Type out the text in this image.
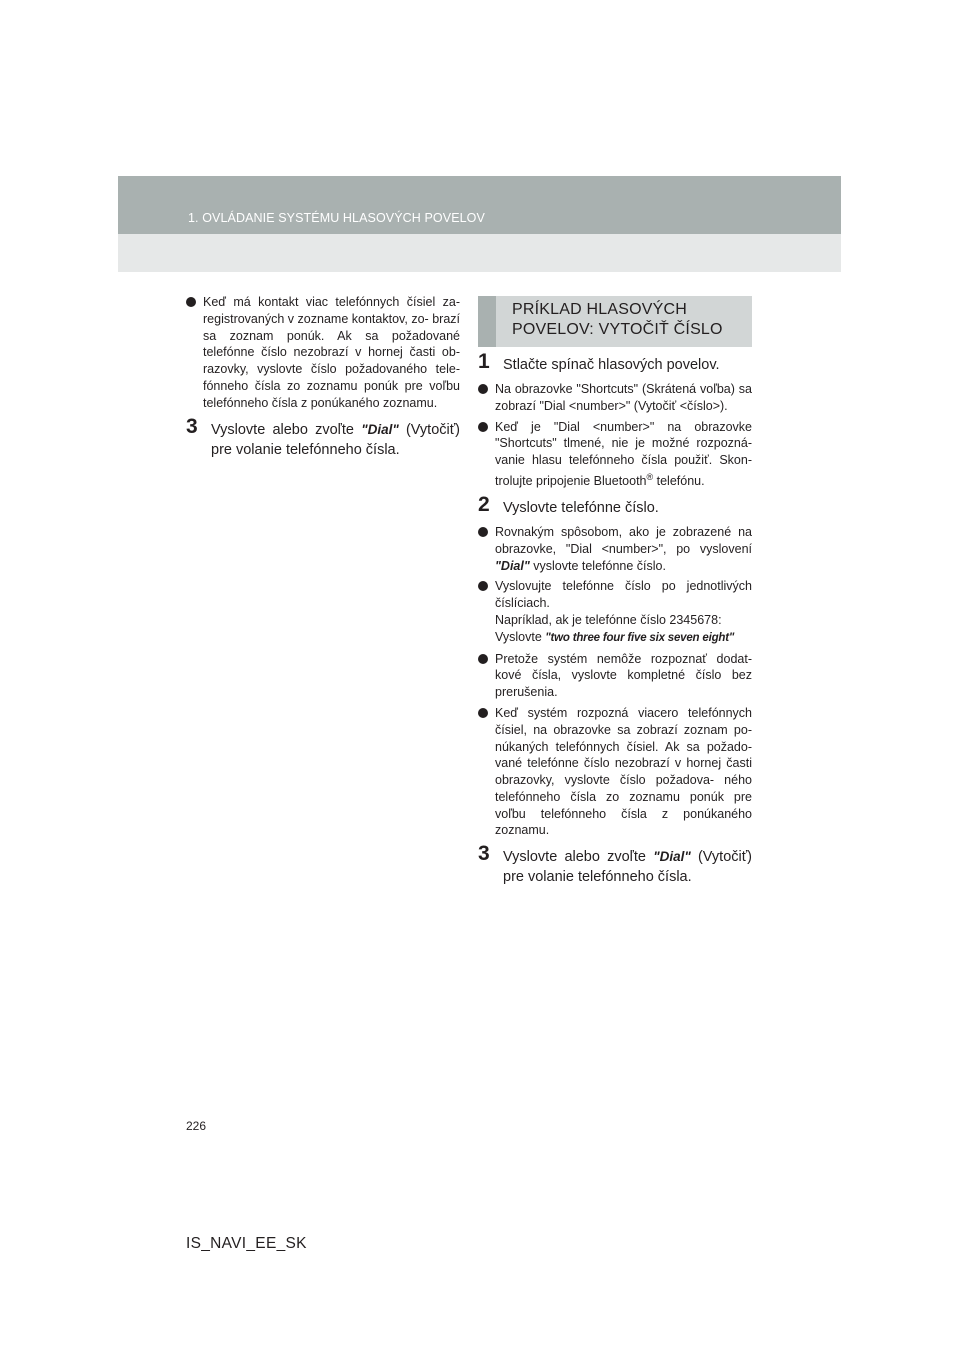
1. OVLÁDANIE SYSTÉMU HLASOVÝCH POVELOV

Keď má kontakt viac telefónnych čísiel za- registrovaných v zozname kontaktov, zo- brazí sa zoznam ponúk. Ak sa požadované telefónne číslo nezobrazí v hornej časti ob- razovky, vyslovte číslo požadovaného tele- fónneho čísla zo zoznamu ponúk pre voľbu telefónneho čísla z ponúkaného zoznamu.

3 Vyslovte alebo zvoľte "Dial" (Vytočiť) pre volanie telefónneho čísla.
PRÍKLAD HLASOVÝCH
POVELOV: VYTOČIŤ ČÍSLO
1 Stlačte spínač hlasových povelov.

Na obrazovke "Shortcuts" (Skrátená voľba) sa zobrazí "Dial <number>" (Vytočiť <číslo>).

Keď je "Dial <number>" na obrazovke "Shortcuts" tlmené, nie je možné rozpozná- vanie hlasu telefónneho čísla použiť. Skon- trolujte pripojenie Bluetooth® telefónu.

2 Vyslovte telefónne číslo.

Rovnakým spôsobom, ako je zobrazené na obrazovke, "Dial <number>", po vyslovení "Dial" vyslovte telefónne číslo.

Vyslovujte telefónne číslo po jednotlivých číslíciach.

Napríklad, ak je telefónne číslo 2345678:

Vyslovte "two three four five six seven eight"

Pretože systém nemôže rozpoznať dodat- kové čísla, vyslovte kompletné číslo bez prerušenia.

Keď systém rozpozná viacero telefónnych čísiel, na obrazovke sa zobrazí zoznam po- núkaných telefónnych čísiel. Ak sa požado- vané telefónne číslo nezobrazí v hornej časti obrazovky, vyslovte číslo požadova- ného telefónneho čísla zo zoznamu ponúk pre voľbu telefónneho čísla z ponúkaného zoznamu.

3 Vyslovte alebo zvoľte "Dial" (Vytočiť) pre volanie telefónneho čísla.
226
IS_NAVI_EE_SK
